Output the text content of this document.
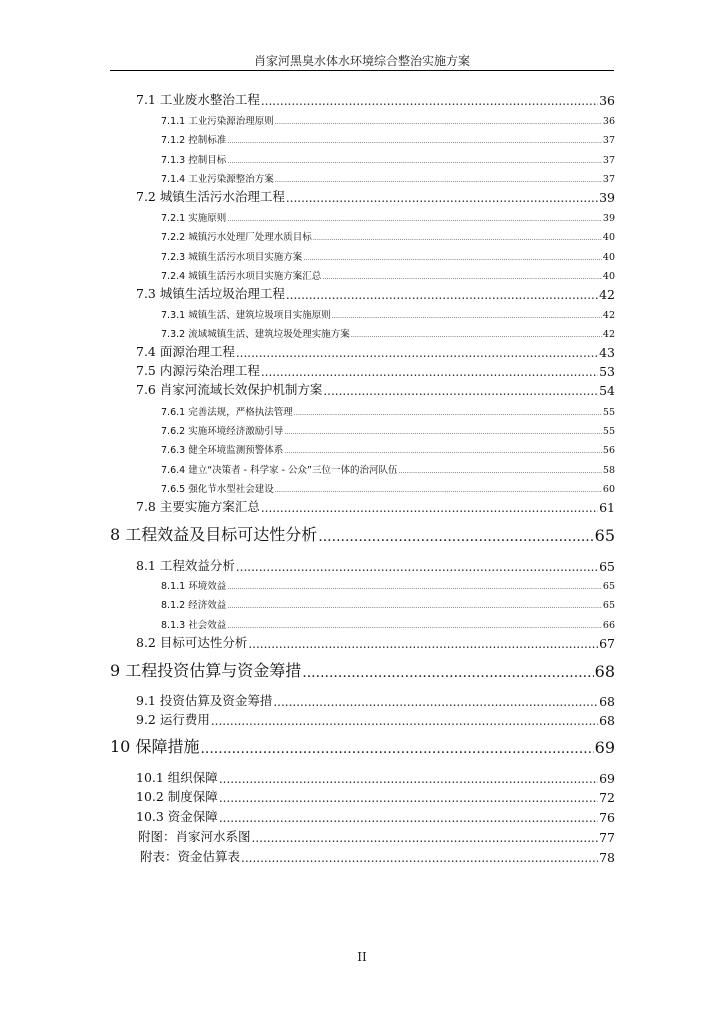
肖家河黑臭水体水环境综合整治实施方案
7.1 工业废水整治工程 .....	36
7.1.1 工业污染源治理原则 .....	36
7.1.2 控制标准 .....	37
7.1.3 控制目标 .....	37
7.1.4 工业污染源整治方案 .....	37
7.2 城镇生活污水治理工程 .....	39
7.2.1 实施原则 .....	39
7.2.2 城镇污水处理厂处理水质目标 .....	40
7.2.3 城镇生活污水项目实施方案 .....	40
7.2.4 城镇生活污水项目实施方案汇总 .....	40
7.3 城镇生活垃圾治理工程 .....	42
7.3.1 城镇生活、建筑垃圾项目实施原则 .....	42
7.3.2 流域城镇生活、建筑垃圾处理实施方案 .....	42
7.4 面源治理工程 .....	43
7.5 内源污染治理工程 .....	53
7.6 肖家河流域长效保护机制方案 .....	54
7.6.1 完善法规，严格执法管理 .....	55
7.6.2 实施环境经济激励引导 .....	55
7.6.3 健全环境监测预警体系 .....	56
7.6.4 建立“决策者 - 科学家 - 公众”三位一体的治河队伍 .....	58
7.6.5 强化节水型社会建设 .....	60
7.8 主要实施方案汇总 .....	61
8 工程效益及目标可达性分析 .....	65
8.1 工程效益分析 .....	65
8.1.1 环境效益 .....	65
8.1.2 经济效益 .....	65
8.1.3 社会效益 .....	66
8.2 目标可达性分析 .....	67
9 工程投资估算与资金筹措 .....	68
9.1 投资估算及资金筹措 .....	68
9.2 运行费用 .....	68
10 保障措施 .....	69
10.1 组织保障 .....	69
10.2 制度保障 .....	72
10.3 资金保障 .....	76
附图：肖家河水系图 .....	77
附表：资金估算表 .....	78
II
